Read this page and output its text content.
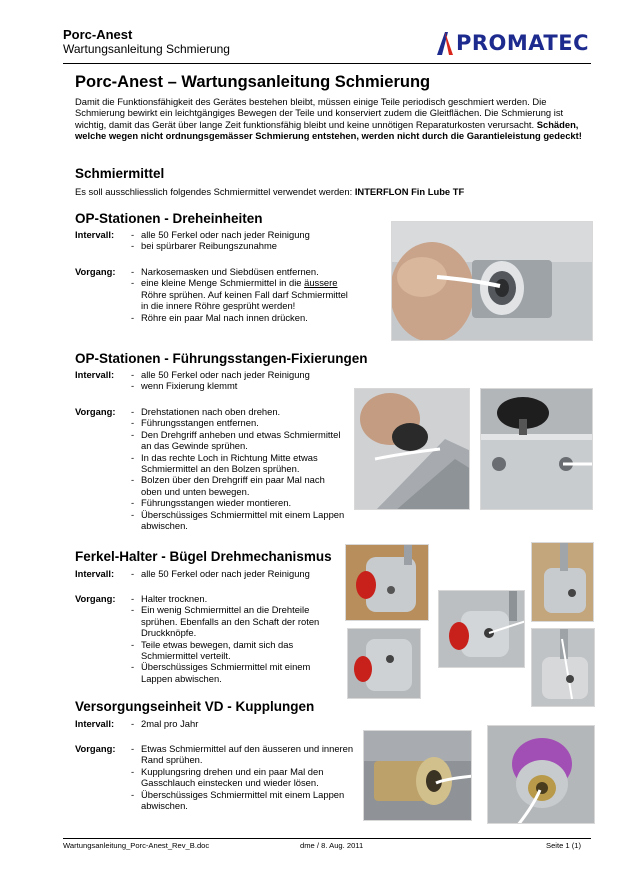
Porc-Anest
Wartungsanleitung Schmierung	PROMATEC
Porc-Anest – Wartungsanleitung Schmierung

Damit die Funktionsfähigkeit des Gerätes bestehen bleibt, müssen einige Teile periodisch geschmiert werden. Die Schmierung bewirkt ein leichtgängiges Bewegen der Teile und konserviert zudem die Gleitflächen. Die Schmierung ist wichtig, damit das Gerät über lange Zeit funktionsfähig bleibt und keine unnötigen Reparaturkosten verursacht. Schäden, welche wegen nicht ordnungsgemässer Schmierung entstehen, werden nicht durch die Garantieleistung gedeckt!

Schmiermittel
Es soll ausschliesslich folgendes Schmiermittel verwendet werden: INTERFLON Fin Lube TF
OP-Stationen - Dreheinheiten
Intervall:	- alle 50 Ferkel oder nach jeder Reinigung
- bei spürbarer Reibungszunahme
Vorgang:	- Narkosemasken und Siebdüsen entfernen.
- eine kleine Menge Schmiermittel in die äussere Röhre sprühen. Auf keinen Fall darf Schmiermittel in die innere Röhre gesprüht werden!
- Röhre ein paar Mal nach innen drücken.
OP-Stationen - Führungsstangen-Fixierungen
Intervall:	- alle 50 Ferkel oder nach jeder Reinigung
- wenn Fixierung klemmt
Vorgang:	- Drehstationen nach oben drehen.
- Führungsstangen entfernen.
- Den Drehgriff anheben und etwas Schmiermittel an das Gewinde sprühen.
- In das rechte Loch in Richtung Mitte etwas Schmiermittel an den Bolzen sprühen.
- Bolzen über den Drehgriff ein paar Mal nach oben und unten bewegen.
- Führungsstangen wieder montieren.
- Überschüssiges Schmiermittel mit einem Lappen abwischen.
Ferkel-Halter - Bügel Drehmechanismus
Intervall:	- alle 50 Ferkel oder nach jeder Reinigung
Vorgang:	- Halter trocknen.
- Ein wenig Schmiermittel an die Drehteile sprühen. Ebenfalls an den Schaft der roten Druckknöpfe.
- Teile etwas bewegen, damit sich das Schmiermittel verteilt.
- Überschüssiges Schmiermittel mit einem Lappen abwischen.
Versorgungseinheit VD - Kupplungen
Intervall:	- 2mal pro Jahr
Vorgang:	- Etwas Schmiermittel auf den äusseren und inneren Rand sprühen.
- Kupplungsring drehen und ein paar Mal den Gasschlauch einstecken und wieder lösen.
- Überschüssiges Schmiermittel mit einem Lappen abwischen.
Wartungsanleitung_Porc-Anest_Rev_B.doc	dme / 8. Aug. 2011	Seite 1 (1)
